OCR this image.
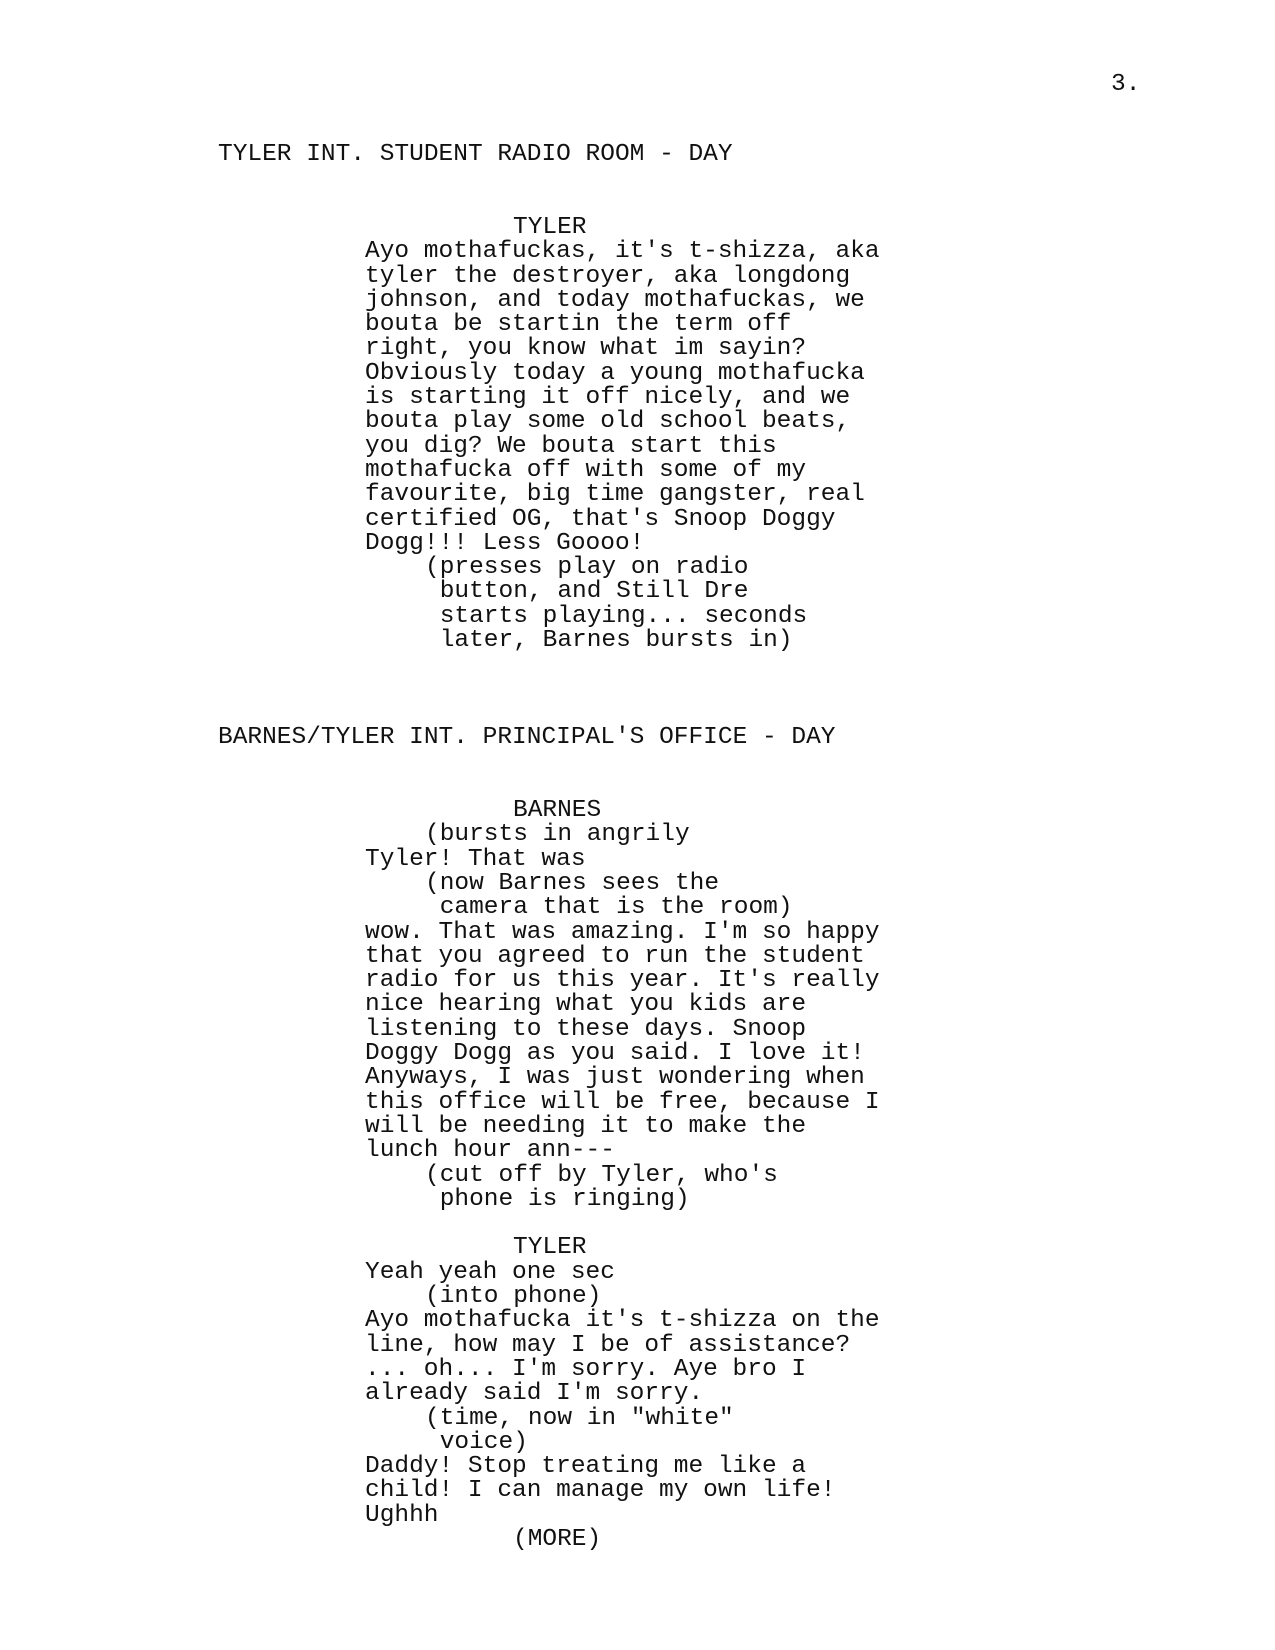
3.
TYLER INT. STUDENT RADIO ROOM - DAY
TYLER
Ayo mothafuckas, it's t-shizza, aka
tyler the destroyer, aka longdong
johnson, and today mothafuckas, we
bouta be startin the term off
right, you know what im sayin?
Obviously today a young mothafucka
is starting it off nicely, and we
bouta play some old school beats,
you dig? We bouta start this
mothafucka off with some of my
favourite, big time gangster, real
certified OG, that's Snoop Doggy
Dogg!!! Less Goooo!
(presses play on radio
button, and Still Dre
starts playing... seconds
later, Barnes bursts in)
BARNES/TYLER INT. PRINCIPAL'S OFFICE - DAY
BARNES
(bursts in angrily
Tyler! That was
(now Barnes sees the
camera that is the room)
wow. That was amazing. I'm so happy
that you agreed to run the student
radio for us this year. It's really
nice hearing what you kids are
listening to these days. Snoop
Doggy Dogg as you said. I love it!
Anyways, I was just wondering when
this office will be free, because I
will be needing it to make the
lunch hour ann---
(cut off by Tyler, who's
phone is ringing)
TYLER
Yeah yeah one sec
(into phone)
Ayo mothafucka it's t-shizza on the
line, how may I be of assistance?
... oh... I'm sorry. Aye bro I
already said I'm sorry.
(time, now in "white"
voice)
Daddy! Stop treating me like a
child! I can manage my own life!
Ughhh
(MORE)
